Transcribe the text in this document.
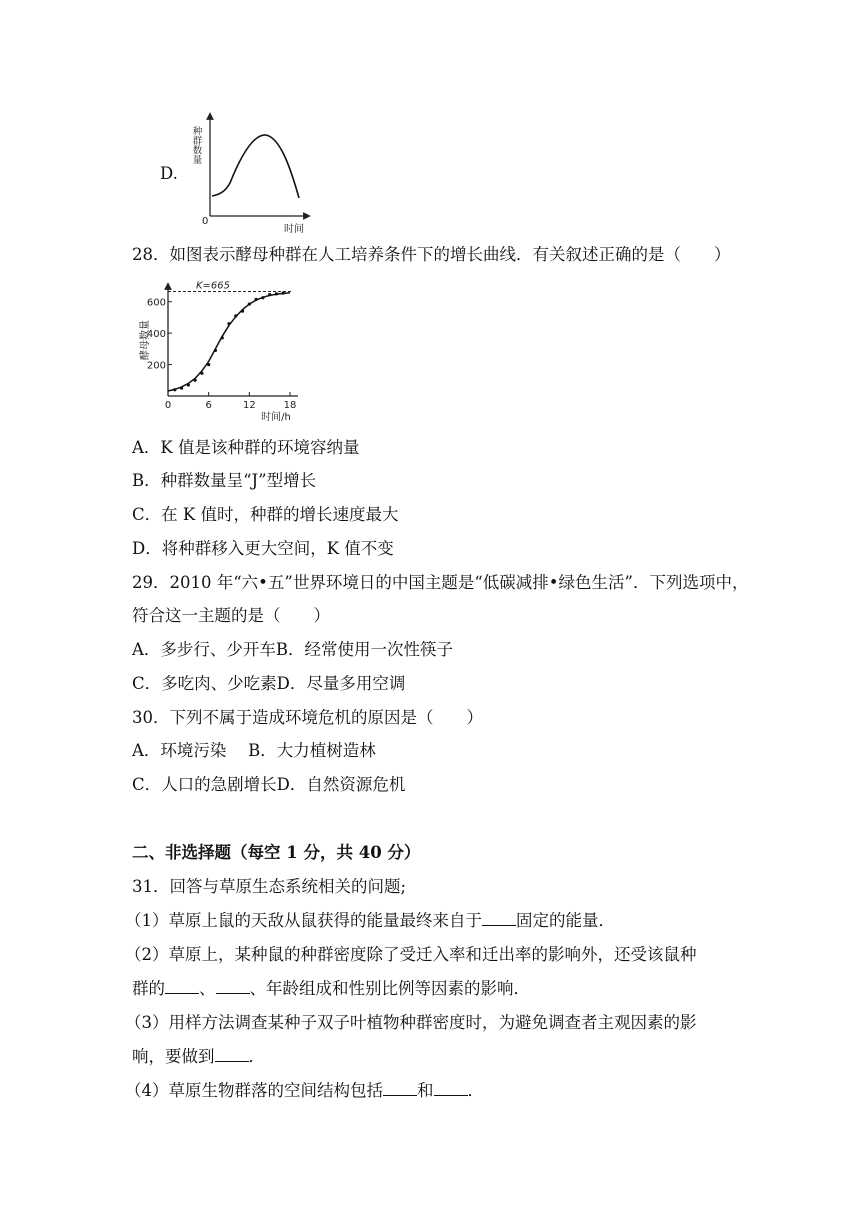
D.
0
时间
种群数量
28．如图表示酵母种群在人工培养条件下的增长曲线．有关叙述正确的是（　　）
200
400
600
0	6	12	18
时间/h
酵母数量
K=665
A．K 值是该种群的环境容纳量
B．种群数量呈“J”型增长
C．在 K 值时，种群的增长速度最大
D．将种群移入更大空间，K 值不变
29．2010 年“六•五”世界环境日的中国主题是“低碳减排•绿色生活”．下列选项中，
符合这一主题的是（　　）
A．多步行、少开车B．经常使用一次性筷子
C．多吃肉、少吃素D．尽量多用空调
30．下列不属于造成环境危机的原因是（　　）
A．环境污染　 B．大力植树造林
C．人口的急剧增长D．自然资源危机
二、非选择题（每空 1 分，共 40 分）
31．回答与草原生态系统相关的问题;
（1）草原上鼠的天敌从鼠获得的能量最终来自于 固定的能量．
（2）草原上，某种鼠的种群密度除了受迁入率和迁出率的影响外，还受该鼠种
群的 、 、年龄组成和性别比例等因素的影响．
（3）用样方法调查某种子双子叶植物种群密度时，为避免调查者主观因素的影
响，要做到 ．
（4）草原生物群落的空间结构包括 和 ．
